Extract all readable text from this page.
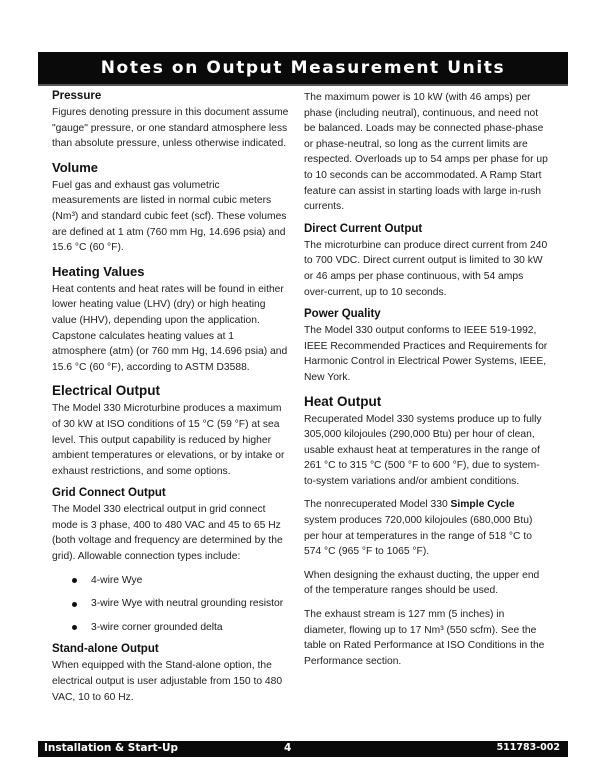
Notes on Output Measurement Units
Pressure

Figures denoting pressure in this document assume "gauge" pressure, or one standard atmosphere less than absolute pressure, unless otherwise indicated.

Volume

Fuel gas and exhaust gas volumetric measurements are listed in normal cubic meters (Nm³) and standard cubic feet (scf). These volumes are defined at 1 atm (760 mm Hg, 14.696 psia) and 15.6 °C (60 °F).

Heating Values

Heat contents and heat rates will be found in either lower heating value (LHV) (dry) or high heating value (HHV), depending upon the application. Capstone calculates heating values at 1 atmosphere (atm) (or 760 mm Hg, 14.696 psia) and 15.6 °C (60 °F), according to ASTM D3588.

Electrical Output

The Model 330 Microturbine produces a maximum of 30 kW at ISO conditions of 15 °C (59 °F) at sea level. This output capability is reduced by higher ambient temperatures or elevations, or by intake or exhaust restrictions, and some options.

Grid Connect Output

The Model 330 electrical output in grid connect mode is 3 phase, 400 to 480 VAC and 45 to 65 Hz (both voltage and frequency are determined by the grid). Allowable connection types include:

4-wire Wye
3-wire Wye with neutral grounding resistor
3-wire corner grounded delta
Stand-alone Output

When equipped with the Stand-alone option, the electrical output is user adjustable from 150 to 480 VAC, 10 to 60 Hz.

The maximum power is 10 kW (with 46 amps) per phase (including neutral), continuous, and need not be balanced. Loads may be connected phase-phase or phase-neutral, so long as the current limits are respected. Overloads up to 54 amps per phase for up to 10 seconds can be accommodated. A Ramp Start feature can assist in starting loads with large in-rush currents.

Direct Current Output

The microturbine can produce direct current from 240 to 700 VDC. Direct current output is limited to 30 kW or 46 amps per phase continuous, with 54 amps over-current, up to 10 seconds.

Power Quality

The Model 330 output conforms to IEEE 519-1992, IEEE Recommended Practices and Requirements for Harmonic Control in Electrical Power Systems, IEEE, New York.

Heat Output

Recuperated Model 330 systems produce up to fully 305,000 kilojoules (290,000 Btu) per hour of clean, usable exhaust heat at temperatures in the range of 261 °C to 315 °C (500 °F to 600 °F), due to system-to-system variations and/or ambient conditions.

The nonrecuperated Model 330 Simple Cycle system produces 720,000 kilojoules (680,000 Btu) per hour at temperatures in the range of 518 °C to 574 °C (965 °F to 1065 °F).

When designing the exhaust ducting, the upper end of the temperature ranges should be used.

The exhaust stream is 127 mm (5 inches) in diameter, flowing up to 17 Nm³ (550 scfm). See the table on Rated Performance at ISO Conditions in the Performance section.

Installation & Start-Up	4	511783-002
